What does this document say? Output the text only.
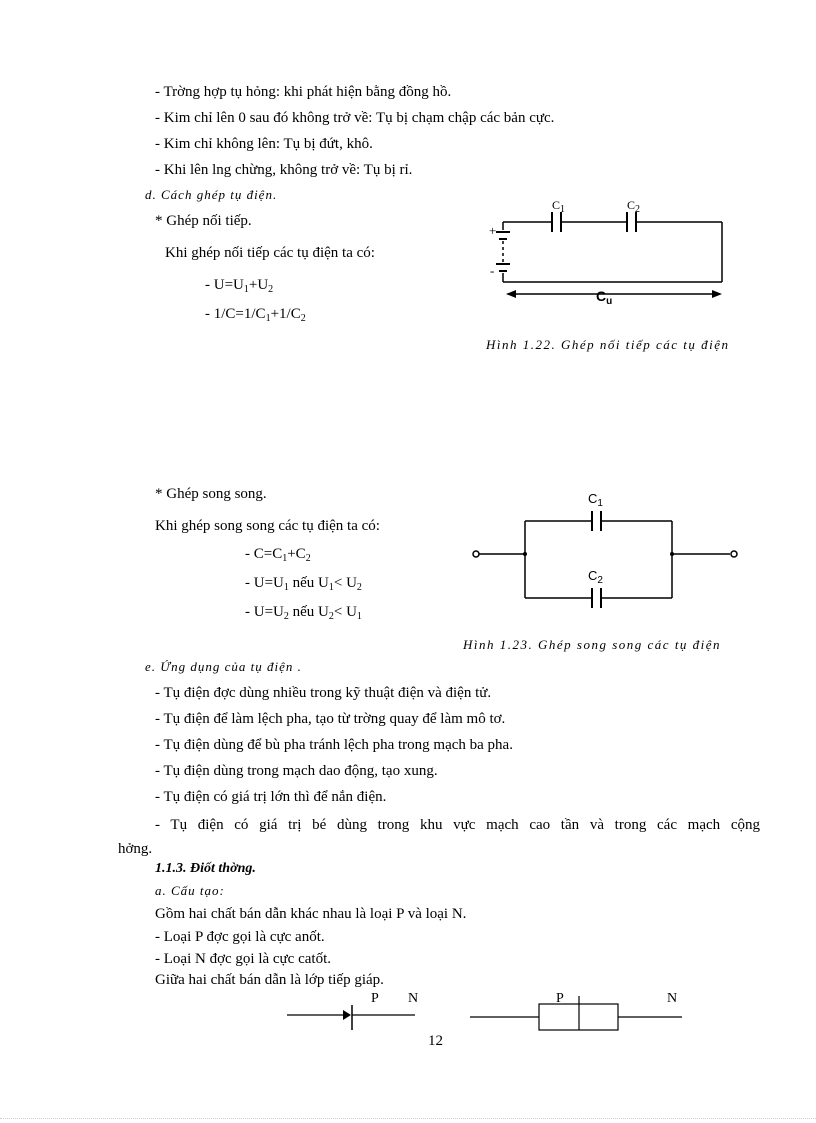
- Trờng hợp tụ hỏng: khi phát hiện bằng đồng hồ.
- Kim chỉ lên 0 sau đó không trở về: Tụ bị chạm chập các bản cực.
- Kim chỉ không lên: Tụ bị đứt, khô.
- Khi lên lng chừng, không trở về: Tụ bị rỉ.
d. Cách ghép tụ điện.
* Ghép nối tiếp.
Khi ghép nối tiếp các tụ điện ta có:
- $U=U_1+U_2$
- $1/C=1/C_1+1/C_2$
* Ghép song song.
Khi ghép song song các tụ điện ta có:
- $C=C_1+C_2$
- $U=U_1$ nếu $U_1< U_2$
- $U=U_2$ nếu $U_2< U_1$
e. Ứng dụng của tụ điện .
- Tụ điện đợc dùng nhiều trong kỹ thuật điện và điện tử.
- Tụ điện để làm lệch pha, tạo từ trờng quay để làm mô tơ.
- Tụ điện dùng để bù pha tránh lệch pha trong mạch ba pha.
- Tụ điện dùng trong mạch dao động, tạo xung.
- Tụ điện có giá trị lớn thì để nắn điện.
- Tụ điện có giá trị bé dùng trong khu vực mạch cao tần và trong các mạch cộng
hởng.
1.1.3. Điốt thờng.
a. Cấu tạo:
Gồm hai chất bán dẫn khác nhau là loại P và loại N.
- Loại P đợc gọi là cực anốt.
- Loại N đợc gọi là cực catốt.
Giữa hai chất bán dẫn là lớp tiếp giáp.
Hình 1.22. Ghép nối tiếp các tụ điện
Hình 1.23. Ghép song song các tụ điện
$C_1$	$C_2$
+
-
$C_u$
$C_1$
$C_2$
P N	P	N
12
